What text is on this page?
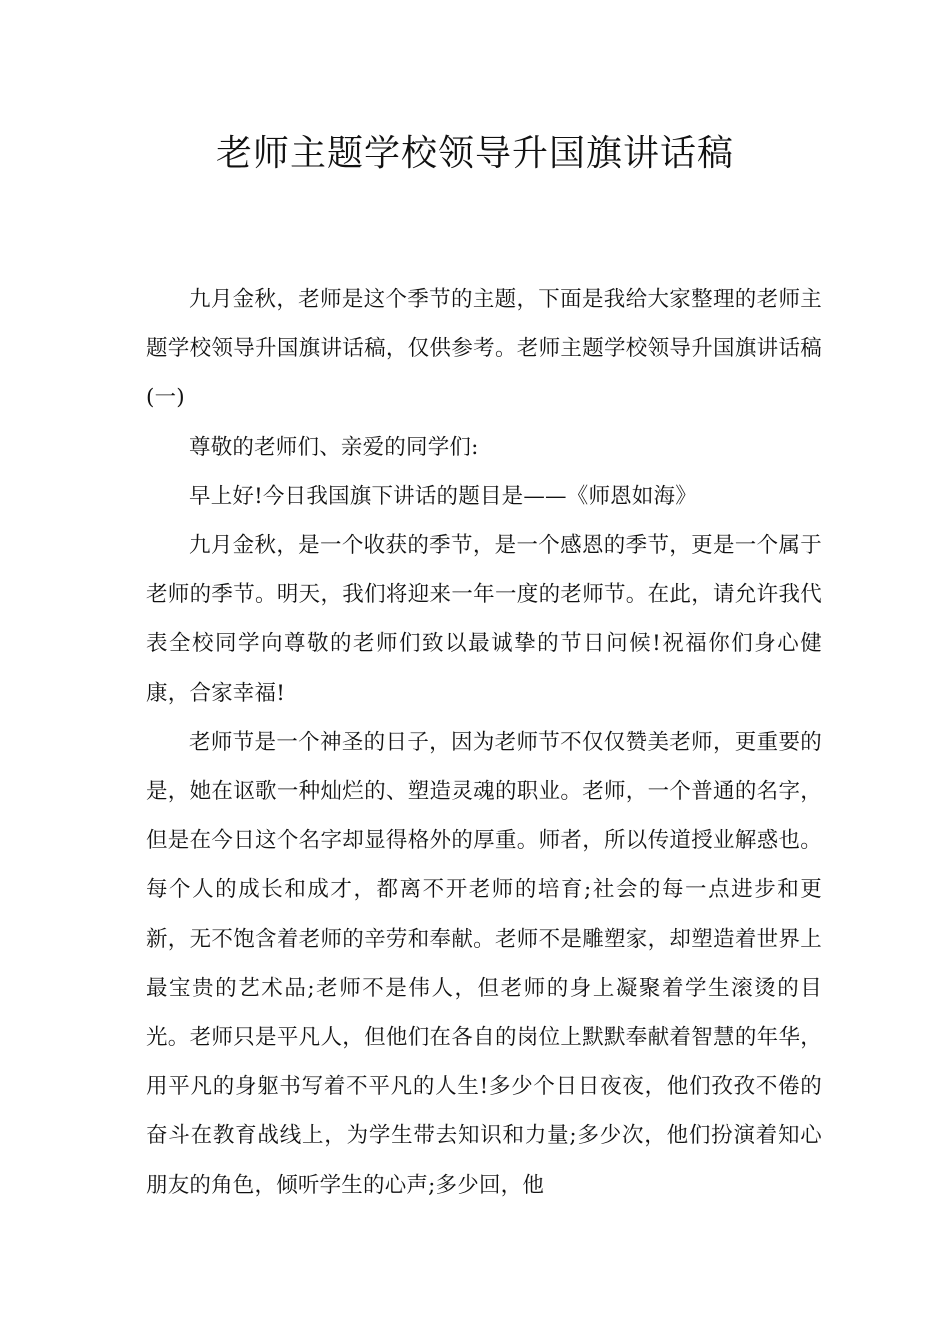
老师主题学校领导升国旗讲话稿

九月金秋，老师是这个季节的主题，下面是我给大家整理的老师主题学校领导升国旗讲话稿，仅供参考。老师主题学校领导升国旗讲话稿(一)

尊敬的老师们、亲爱的同学们:

早上好!今日我国旗下讲话的题目是——《师恩如海》

九月金秋，是一个收获的季节，是一个感恩的季节，更是一个属于老师的季节。明天，我们将迎来一年一度的老师节。在此，请允许我代表全校同学向尊敬的老师们致以最诚挚的节日问候!祝福你们身心健康，合家幸福!

老师节是一个神圣的日子，因为老师节不仅仅赞美老师，更重要的是，她在讴歌一种灿烂的、塑造灵魂的职业。老师，一个普通的名字，但是在今日这个名字却显得格外的厚重。师者，所以传道授业解惑也。每个人的成长和成才，都离不开老师的培育;社会的每一点进步和更新，无不饱含着老师的辛劳和奉献。老师不是雕塑家，却塑造着世界上最宝贵的艺术品;老师不是伟人，但老师的身上凝聚着学生滚烫的目光。老师只是平凡人，但他们在各自的岗位上默默奉献着智慧的年华，用平凡的身躯书写着不平凡的人生!多少个日日夜夜，他们孜孜不倦的奋斗在教育战线上，为学生带去知识和力量;多少次，他们扮演着知心朋友的角色，倾听学生的心声;多少回，他
